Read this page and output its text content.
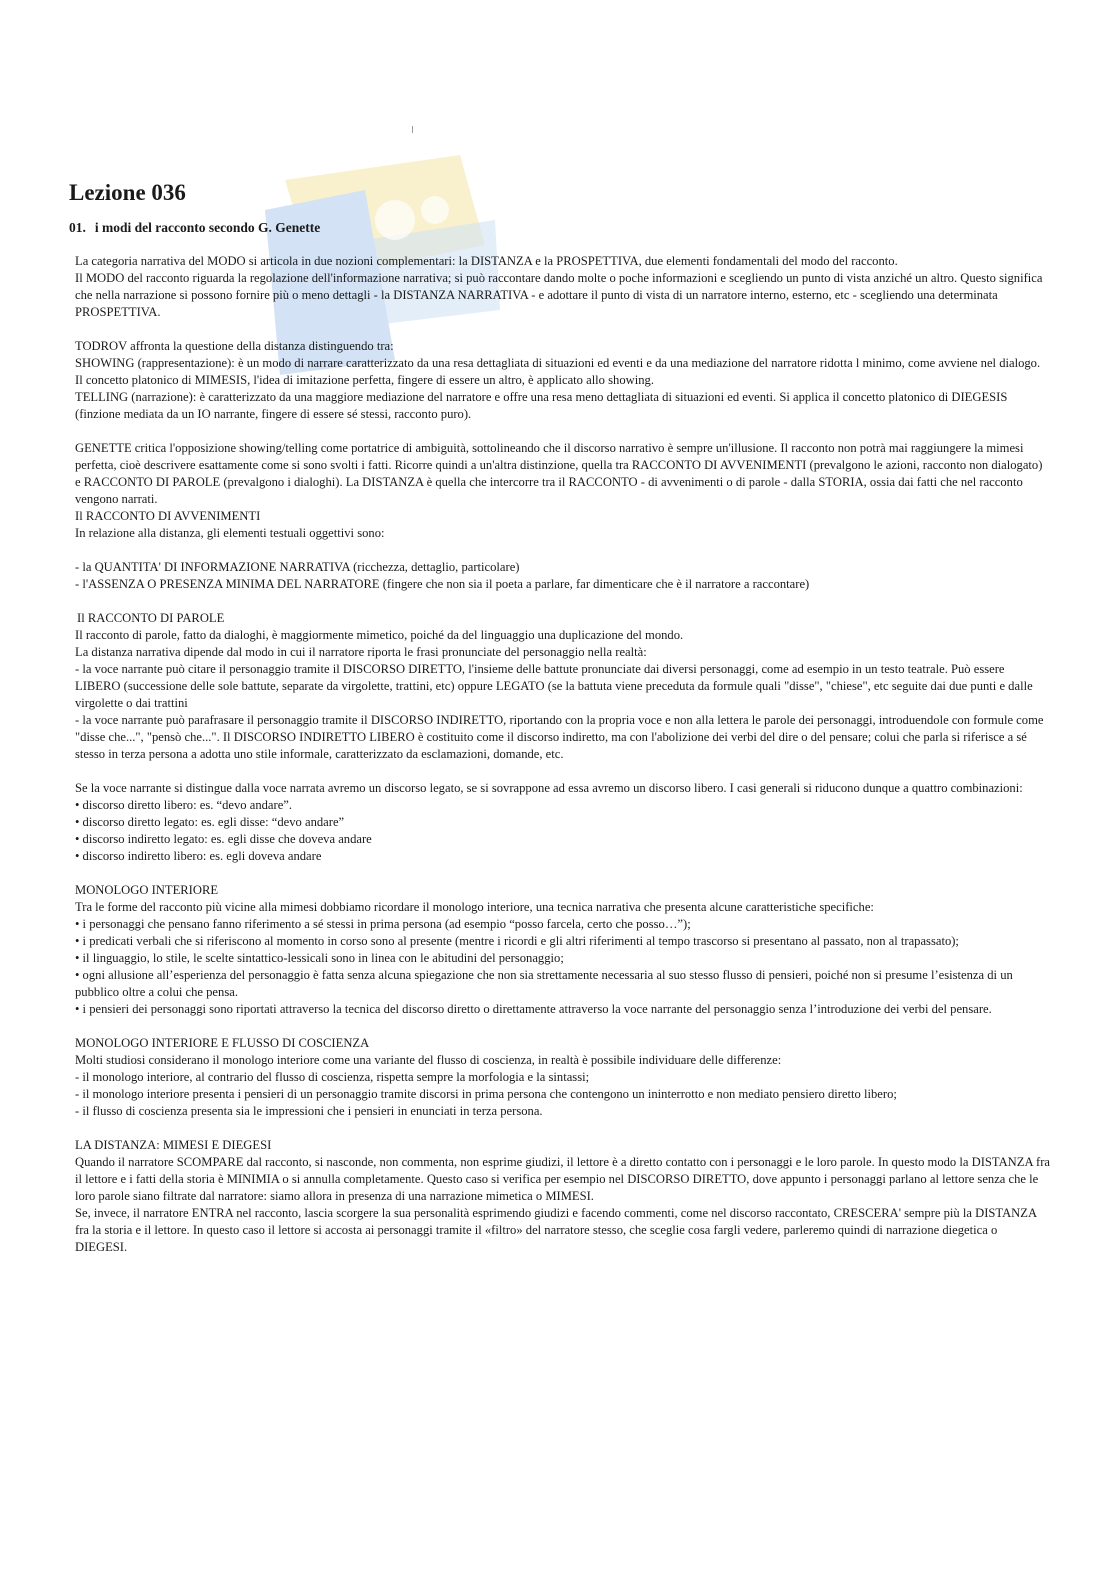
Lezione 036
01. i modi del racconto secondo G. Genette

La categoria narrativa del MODO si articola in due nozioni complementari: la DISTANZA e la PROSPETTIVA, due elementi fondamentali del modo del racconto.

Il MODO del racconto riguarda la regolazione dell'informazione narrativa; si può raccontare dando molte o poche informazioni e scegliendo un punto di vista anziché un altro. Questo significa che nella narrazione si possono fornire più o meno dettagli - la DISTANZA NARRATIVA - e adottare il punto di vista di un narratore interno, esterno, etc - scegliendo una determinata PROSPETTIVA.

TODROV affronta la questione della distanza distinguendo tra:

SHOWING (rappresentazione): è un modo di narrare caratterizzato da una resa dettagliata di situazioni ed eventi e da una mediazione del narratore ridotta l minimo, come avviene nel dialogo. Il concetto platonico di MIMESIS, l'idea di imitazione perfetta, fingere di essere un altro, è applicato allo showing.

TELLING (narrazione): è caratterizzato da una maggiore mediazione del narratore e offre una resa meno dettagliata di situazioni ed eventi. Si applica il concetto platonico di DIEGESIS (finzione mediata da un IO narrante, fingere di essere sé stessi, racconto puro).

GENETTE critica l'opposizione showing/telling come portatrice di ambiguità, sottolineando che il discorso narrativo è sempre un'illusione. Il racconto non potrà mai raggiungere la mimesi perfetta, cioè descrivere esattamente come si sono svolti i fatti. Ricorre quindi a un'altra distinzione, quella tra RACCONTO DI AVVENIMENTI (prevalgono le azioni, racconto non dialogato) e RACCONTO DI PAROLE (prevalgono i dialoghi). La DISTANZA è quella che intercorre tra il RACCONTO - di avvenimenti o di parole - dalla STORIA, ossia dai fatti che nel racconto vengono narrati.

Il RACCONTO DI AVVENIMENTI

In relazione alla distanza, gli elementi testuali oggettivi sono:

- la QUANTITA' DI INFORMAZIONE NARRATIVA (ricchezza, dettaglio, particolare)

- l'ASSENZA O PRESENZA MINIMA DEL NARRATORE (fingere che non sia il poeta a parlare, far dimenticare che è il narratore a raccontare)

Il RACCONTO DI PAROLE

Il racconto di parole, fatto da dialoghi, è maggiormente mimetico, poiché da del linguaggio una duplicazione del mondo.

La distanza narrativa dipende dal modo in cui il narratore riporta le frasi pronunciate del personaggio nella realtà:

- la voce narrante può citare il personaggio tramite il DISCORSO DIRETTO, l'insieme delle battute pronunciate dai diversi personaggi, come ad esempio in un testo teatrale. Può essere LIBERO (successione delle sole battute, separate da virgolette, trattini, etc) oppure LEGATO (se la battuta viene preceduta da formule quali "disse", "chiese", etc seguite dai due punti e dalle virgolette o dai trattini

- la voce narrante può parafrasare il personaggio tramite il DISCORSO INDIRETTO, riportando con la propria voce e non alla lettera le parole dei personaggi, introduendole con formule come "disse che...", "pensò che...". Il DISCORSO INDIRETTO LIBERO è costituito come il discorso indiretto, ma con l'abolizione dei verbi del dire o del pensare; colui che parla si riferisce a sé stesso in terza persona a adotta uno stile informale, caratterizzato da esclamazioni, domande, etc.

Se la voce narrante si distingue dalla voce narrata avremo un discorso legato, se si sovrappone ad essa avremo un discorso libero. I casi generali si riducono dunque a quattro combinazioni:

• discorso diretto libero: es. “devo andare”.

• discorso diretto legato: es. egli disse: “devo andare”

• discorso indiretto legato: es. egli disse che doveva andare

• discorso indiretto libero: es. egli doveva andare

MONOLOGO INTERIORE

Tra le forme del racconto più vicine alla mimesi dobbiamo ricordare il monologo interiore, una tecnica narrativa che presenta alcune caratteristiche specifiche:

• i personaggi che pensano fanno riferimento a sé stessi in prima persona (ad esempio “posso farcela, certo che posso…”);

• i predicati verbali che si riferiscono al momento in corso sono al presente (mentre i ricordi e gli altri riferimenti al tempo trascorso si presentano al passato, non al trapassato);

• il linguaggio, lo stile, le scelte sintattico-lessicali sono in linea con le abitudini del personaggio;

• ogni allusione all’esperienza del personaggio è fatta senza alcuna spiegazione che non sia strettamente necessaria al suo stesso flusso di pensieri, poiché non si presume l’esistenza di un pubblico oltre a colui che pensa.

• i pensieri dei personaggi sono riportati attraverso la tecnica del discorso diretto o direttamente attraverso la voce narrante del personaggio senza l’introduzione dei verbi del pensare.

MONOLOGO INTERIORE E FLUSSO DI COSCIENZA

Molti studiosi considerano il monologo interiore come una variante del flusso di coscienza, in realtà è possibile individuare delle differenze:

- il monologo interiore, al contrario del flusso di coscienza, rispetta sempre la morfologia e la sintassi;

- il monologo interiore presenta i pensieri di un personaggio tramite discorsi in prima persona che contengono un ininterrotto e non mediato pensiero diretto libero;

- il flusso di coscienza presenta sia le impressioni che i pensieri in enunciati in terza persona.

LA DISTANZA: MIMESI E DIEGESI

Quando il narratore SCOMPARE dal racconto, si nasconde, non commenta, non esprime giudizi, il lettore è a diretto contatto con i personaggi e le loro parole. In questo modo la DISTANZA fra il lettore e i fatti della storia è MINIMIA o si annulla completamente. Questo caso si verifica per esempio nel DISCORSO DIRETTO, dove appunto i personaggi parlano al lettore senza che le loro parole siano filtrate dal narratore: siamo allora in presenza di una narrazione mimetica o MIMESI.

Se, invece, il narratore ENTRA nel racconto, lascia scorgere la sua personalità esprimendo giudizi e facendo commenti, come nel discorso raccontato, CRESCERA' sempre più la DISTANZA fra la storia e il lettore. In questo caso il lettore si accosta ai personaggi tramite il «filtro» del narratore stesso, che sceglie cosa fargli vedere, parleremo quindi di narrazione diegetica o DIEGESI.
